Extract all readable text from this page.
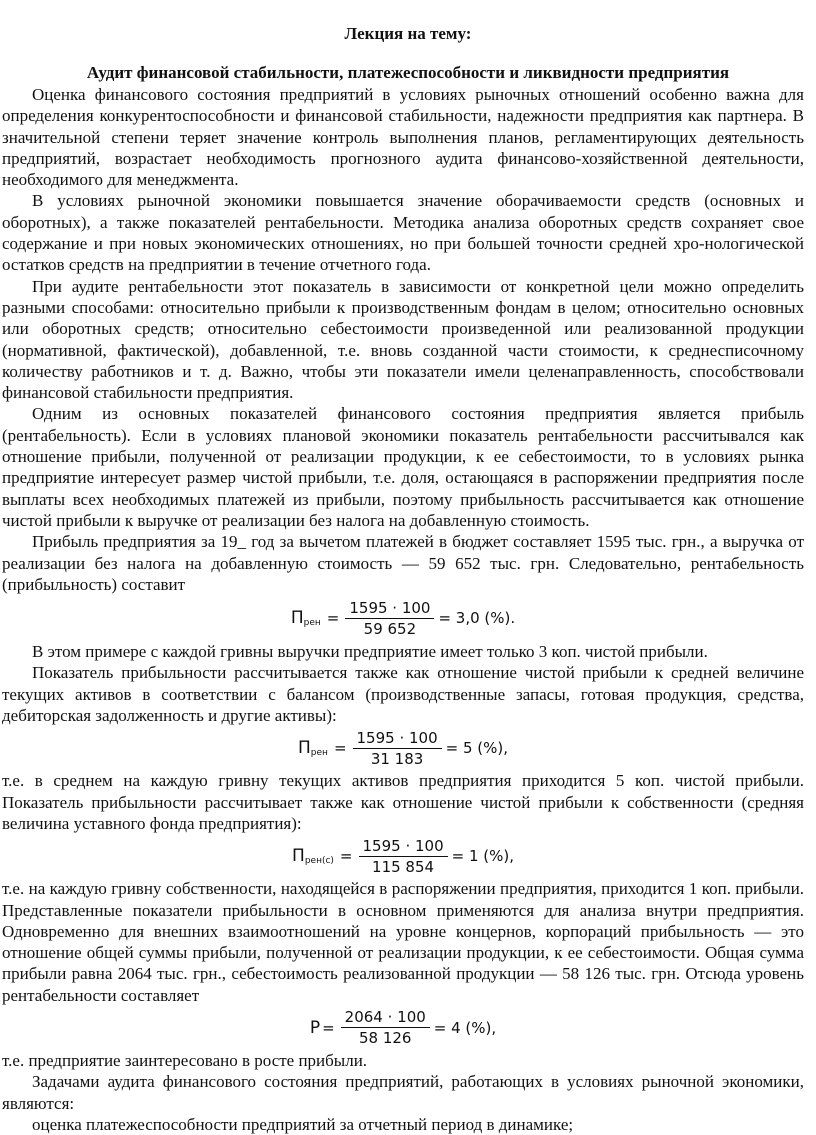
Лекция на тему:
Аудит финансовой стабильности, платежеспособности и ликвидности предприятия

Оценка финансового состояния предприятий в условиях рыночных отношений особенно важна для определения конкурентоспособности и финансовой стабильности, надежности предприятия как партнера. В значительной степени теряет значение контроль выполнения планов, регламентирующих деятельность предприятий, возрастает необходимость прогнозного аудита финансово-хозяйственной деятельности, необходимого для менеджмента.

В условиях рыночной экономики повышается значение оборачиваемости средств (основных и оборотных), а также показателей рентабельности. Методика анализа оборотных средств сохраняет свое содержание и при новых экономических отношениях, но при большей точности средней хро-нологической остатков средств на предприятии в течение отчетного года.

При аудите рентабельности этот показатель в зависимости от конкретной цели можно определить разными способами: относительно прибыли к производственным фондам в целом; относительно основных или оборотных средств; относительно себестоимости произведенной или реализованной продукции (нормативной, фактической), добавленной, т.е. вновь созданной части стоимости, к среднесписочному количеству работников и т. д. Важно, чтобы эти показатели имели целенаправленность, способствовали финансовой стабильности предприятия.

Одним из основных показателей финансового состояния предприятия является прибыль (рентабельность). Если в условиях плановой экономики показатель рентабельности рассчитывался как отношение прибыли, полученной от реализации продукции, к ее себестоимости, то в условиях рынка предприятие интересует размер чистой прибыли, т.е. доля, остающаяся в распоряжении предприятия после выплаты всех необходимых платежей из прибыли, поэтому прибыльность рассчитывается как отношение чистой прибыли к выручке от реализации без налога на добавленную стоимость.

Прибыль предприятия за 19_ год за вычетом платежей в бюджет составляет 1595 тыс. грн., а выручка от реализации без налога на добавленную стоимость — 59 652 тыс. грн. Следовательно, рентабельность (прибыльность) составит

П рен = $\frac{1595 \cdot 100}{59 652} = 3,0$ (%).

В этом примере с каждой гривны выручки предприятие имеет только 3 коп. чистой прибыли.

Показатель прибыльности рассчитывается также как отношение чистой прибыли к средней величине текущих активов в соответствии с балансом (производственные запасы, готовая продукция, средства, дебиторская задолженность и другие активы):

П рен = $\frac{1595 \cdot 100}{31 183} = 5$ (%),

т.е. в среднем на каждую гривну текущих активов предприятия приходится 5 коп. чистой прибыли. Показатель прибыльности рассчитывает также как отношение чистой прибыли к собственности (средняя величина уставного фонда предприятия):

П $рен(с) = \frac{1595 \cdot 100}{115 854} = 1$ (%),

т.е. на каждую гривну собственности, находящейся в распоряжении предприятия, приходится 1 коп. прибыли. Представленные показатели прибыльности в основном применяются для анализа внутри предприятия. Одновременно для внешних взаимоотношений на уровне концернов, корпораций прибыльность — это отношение общей суммы прибыли, полученной от реализации продукции, к ее себестоимости. Общая сумма прибыли равна 2064 тыс. грн., себестоимость реализованной продукции — 58 126 тыс. грн. Отсюда уровень рентабельности составляет

$Р = \frac{2064 \cdot 100}{58 126} = 4$ (%),

т.е. предприятие заинтересовано в росте прибыли.

Задачами аудита финансового состояния предприятий, работающих в условиях рыночной экономики, являются:

оценка платежеспособности предприятий за отчетный период в динамике;
